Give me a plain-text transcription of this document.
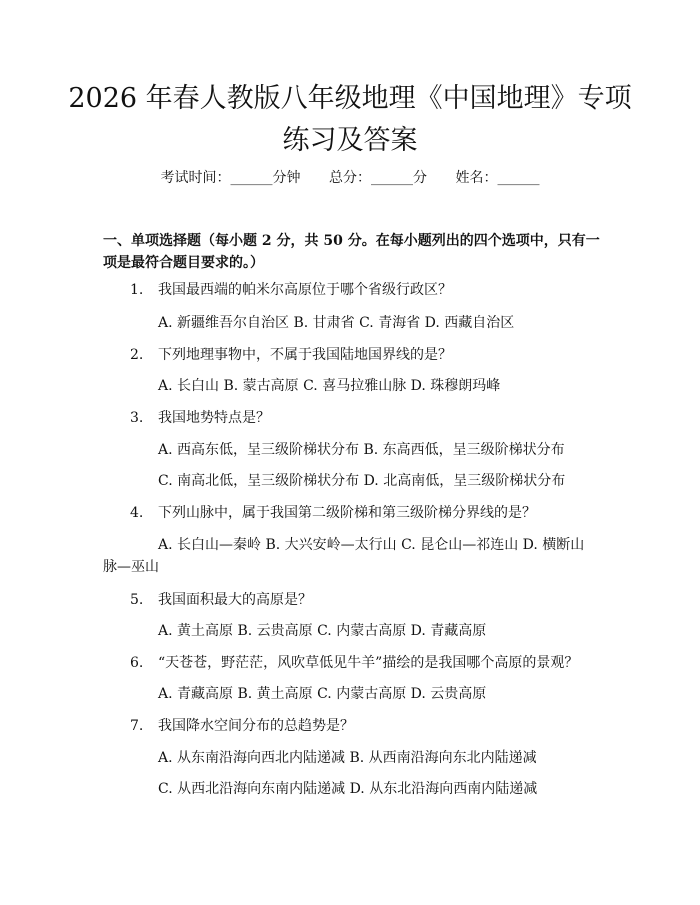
2026 年春人教版八年级地理《中国地理》专项练习及答案
考试时间：______分钟 总分：______分 姓名：______
一、单项选择题（每小题 2 分，共 50 分。在每小题列出的四个选项中，只有一项是最符合题目要求的。）
1. 我国最西端的帕米尔高原位于哪个省级行政区？
A. 新疆维吾尔自治区 B. 甘肃省 C. 青海省 D. 西藏自治区
2. 下列地理事物中，不属于我国陆地国界线的是？
A. 长白山 B. 蒙古高原 C. 喜马拉雅山脉 D. 珠穆朗玛峰
3. 我国地势特点是？
A. 西高东低，呈三级阶梯状分布 B. 东高西低，呈三级阶梯状分布
C. 南高北低，呈三级阶梯状分布 D. 北高南低，呈三级阶梯状分布
4. 下列山脉中，属于我国第二级阶梯和第三级阶梯分界线的是？
A. 长白山—秦岭 B. 大兴安岭—太行山 C. 昆仑山—祁连山 D. 横断山脉—巫山
5. 我国面积最大的高原是？
A. 黄土高原 B. 云贵高原 C. 内蒙古高原 D. 青藏高原
6. “天苍苍，野茫茫，风吹草低见牛羊”描绘的是我国哪个高原的景观？
A. 青藏高原 B. 黄土高原 C. 内蒙古高原 D. 云贵高原
7. 我国降水空间分布的总趋势是？
A. 从东南沿海向西北内陆递减 B. 从西南沿海向东北内陆递减
C. 从西北沿海向东南内陆递减 D. 从东北沿海向西南内陆递减
